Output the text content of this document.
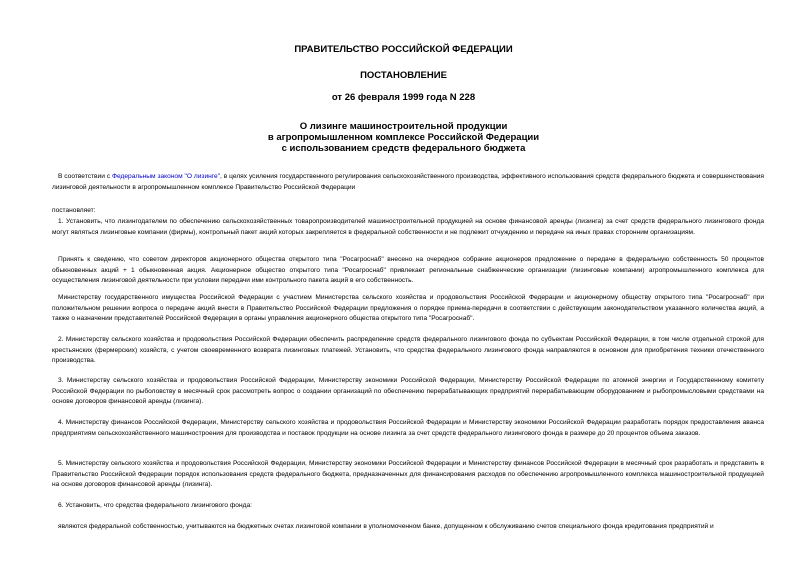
ПРАВИТЕЛЬСТВО РОССИЙСКОЙ ФЕДЕРАЦИИ
ПОСТАНОВЛЕНИЕ
от 26 февраля 1999 года N 228
О лизинге машиностроительной продукции
в агропромышленном комплексе Российской Федерации
с использованием средств федерального бюджета
В соответствии с Федеральным законом "О лизинге", в целях усиления государственного регулирования сельскохозяйственного производства, эффективного использования средств федерального бюджета и совершенствования лизинговой деятельности в агропромышленном комплексе Правительство Российской Федерации
постановляет:
1. Установить, что лизингодателем по обеспечению сельскохозяйственных товаропроизводителей машиностроительной продукцией на основе финансовой аренды (лизинга) за счет средств федерального лизингового фонда могут являться лизинговые компании (фирмы), контрольный пакет акций которых закрепляется в федеральной собственности и не подлежит отчуждению и передаче на иных правах сторонним организациям.
Принять к сведению, что советом директоров акционерного общества открытого типа "Росагроснаб" внесено на очередное собрание акционеров предложение о передаче в федеральную собственность 50 процентов обыкновенных акций + 1 обыкновенная акция. Акционерное общество открытого типа "Росагроснаб" привлекает региональные снабженческие организации (лизинговые компании) агропромышленного комплекса для осуществления лизинговой деятельности при условии передачи ими контрольного пакета акций в его собственность.
Министерству государственного имущества Российской Федерации с участием Министерства сельского хозяйства и продовольствия Российской Федерации и акционерному обществу открытого типа "Росагроснаб" при положительном решении вопроса о передаче акций внести в Правительство Российской Федерации предложения о порядке приема-передачи в соответствии с действующим законодательством указанного количества акций, а также о назначении представителей Российской Федерации в органы управления акционерного общества открытого типа "Росагроснаб".
2. Министерству сельского хозяйства и продовольствия Российской Федерации обеспечить распределение средств федерального лизингового фонда по субъектам Российской Федерации, в том числе отдельной строкой для крестьянских (фермерских) хозяйств, с учетом своевременного возврата лизинговых платежей. Установить, что средства федерального лизингового фонда направляются в основном для приобретения техники отечественного производства.
3. Министерству сельского хозяйства и продовольствия Российской Федерации, Министерству экономики Российской Федерации, Министерству Российской Федерации по атомной энергии и Государственному комитету Российской Федерации по рыболовству в месячный срок рассмотреть вопрос о создании организаций по обеспечению перерабатывающих предприятий перерабатывающим оборудованием и рыбопромысловыми средствами на основе договоров финансовой аренды (лизинга).
4. Министерству финансов Российской Федерации, Министерству сельского хозяйства и продовольствия Российской Федерации и Министерству экономики Российской Федерации разработать порядок предоставления аванса предприятиям сельскохозяйственного машиностроения для производства и поставок продукции на основе лизинга за счет средств федерального лизингового фонда в размере до 20 процентов объема заказов.
5. Министерству сельского хозяйства и продовольствия Российской Федерации, Министерству экономики Российской Федерации и Министерству финансов Российской Федерации в месячный срок разработать и представить в Правительство Российской Федерации порядок использования средств федерального бюджета, предназначенных для финансирования расходов по обеспечению агропромышленного комплекса машиностроительной продукцией на основе договоров финансовой аренды (лизинга).
6. Установить, что средства федерального лизингового фонда:
являются федеральной собственностью, учитываются на бюджетных счетах лизинговой компании в уполномоченном банке, допущенном к обслуживанию счетов специального фонда кредитования предприятий и
